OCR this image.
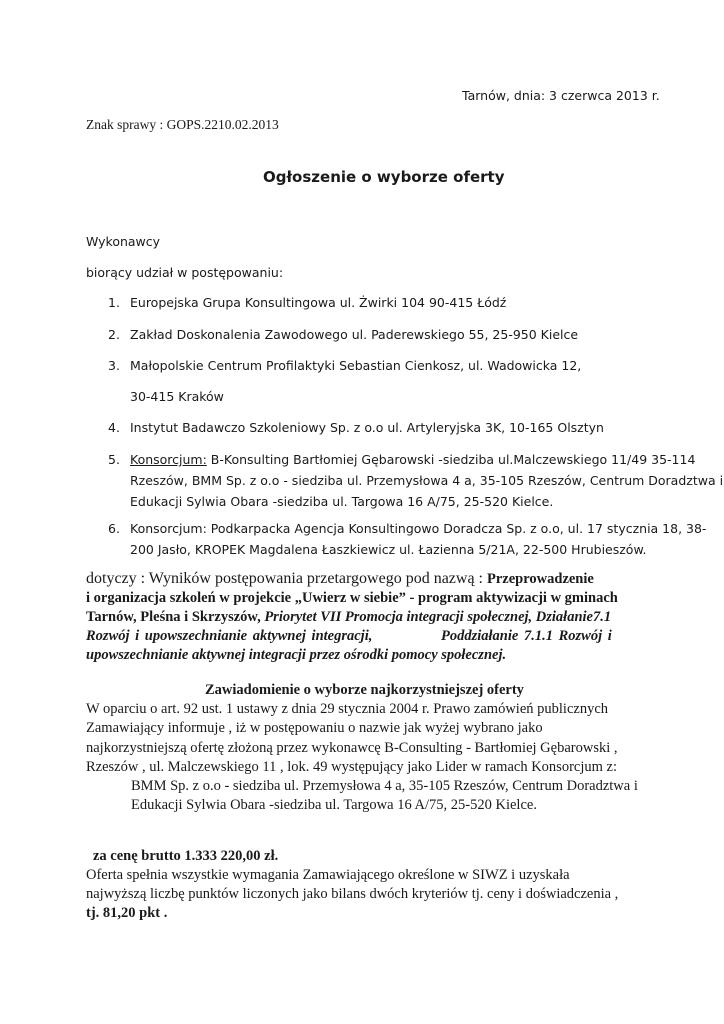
Tarnów, dnia: 3 czerwca 2013 r.
Znak sprawy : GOPS.2210.02.2013
Ogłoszenie o wyborze oferty
Wykonawcy
biorący udział w postępowaniu:
1. Europejska Grupa Konsultingowa ul. Żwirki 104 90-415 Łódź
2. Zakład Doskonalenia Zawodowego ul. Paderewskiego 55, 25-950 Kielce
3. Małopolskie Centrum Profilaktyki Sebastian Cienkosz, ul. Wadowicka 12,
30-415 Kraków
4. Instytut Badawczo Szkoleniowy Sp. z o.o ul. Artyleryjska 3K, 10-165 Olsztyn
5. Konsorcjum: B-Konsulting Bartłomiej Gębarowski -siedziba ul.Malczewskiego 11/49 35-114
Rzeszów, BMM Sp. z o.o - siedziba ul. Przemysłowa 4 a, 35-105 Rzeszów, Centrum Doradztwa i
Edukacji Sylwia Obara -siedziba ul. Targowa 16 A/75, 25-520 Kielce.
6. Konsorcjum: Podkarpacka Agencja Konsultingowo Doradcza Sp. z o.o, ul. 17 stycznia 18, 38-
200 Jasło, KROPEK Magdalena Łaszkiewicz ul. Łazienna 5/21A, 22-500 Hrubieszów.
dotyczy : Wyników postępowania przetargowego pod nazwą : Przeprowadzenie
i organizacja szkoleń w projekcie „Uwierz w siebie” - program aktywizacji w gminach
Tarnów, Pleśna i Skrzyszów, Priorytet VII Promocja integracji społecznej, Działanie7.1
Rozwój i upowszechnianie aktywnej integracji,	Poddziałanie 7.1.1 Rozwój i
upowszechnianie aktywnej integracji przez ośrodki pomocy społecznej.
Zawiadomienie o wyborze najkorzystniejszej oferty
W oparciu o art. 92 ust. 1 ustawy z dnia 29 stycznia 2004 r. Prawo zamówień publicznych
Zamawiający informuje , iż w postępowaniu o nazwie jak wyżej wybrano jako
najkorzystniejszą ofertę złożoną przez wykonawcę B-Consulting - Bartłomiej Gębarowski ,
Rzeszów , ul. Malczewskiego 11 , lok. 49 występujący jako Lider w ramach Konsorcjum z:
BMM Sp. z o.o - siedziba ul. Przemysłowa 4 a, 35-105 Rzeszów, Centrum Doradztwa i
Edukacji Sylwia Obara -siedziba ul. Targowa 16 A/75, 25-520 Kielce.
za cenę brutto 1.333 220,00 zł.
Oferta spełnia wszystkie wymagania Zamawiającego określone w SIWZ i uzyskała
najwyższą liczbę punktów liczonych jako bilans dwóch kryteriów tj. ceny i doświadczenia ,
tj. 81,20 pkt .
